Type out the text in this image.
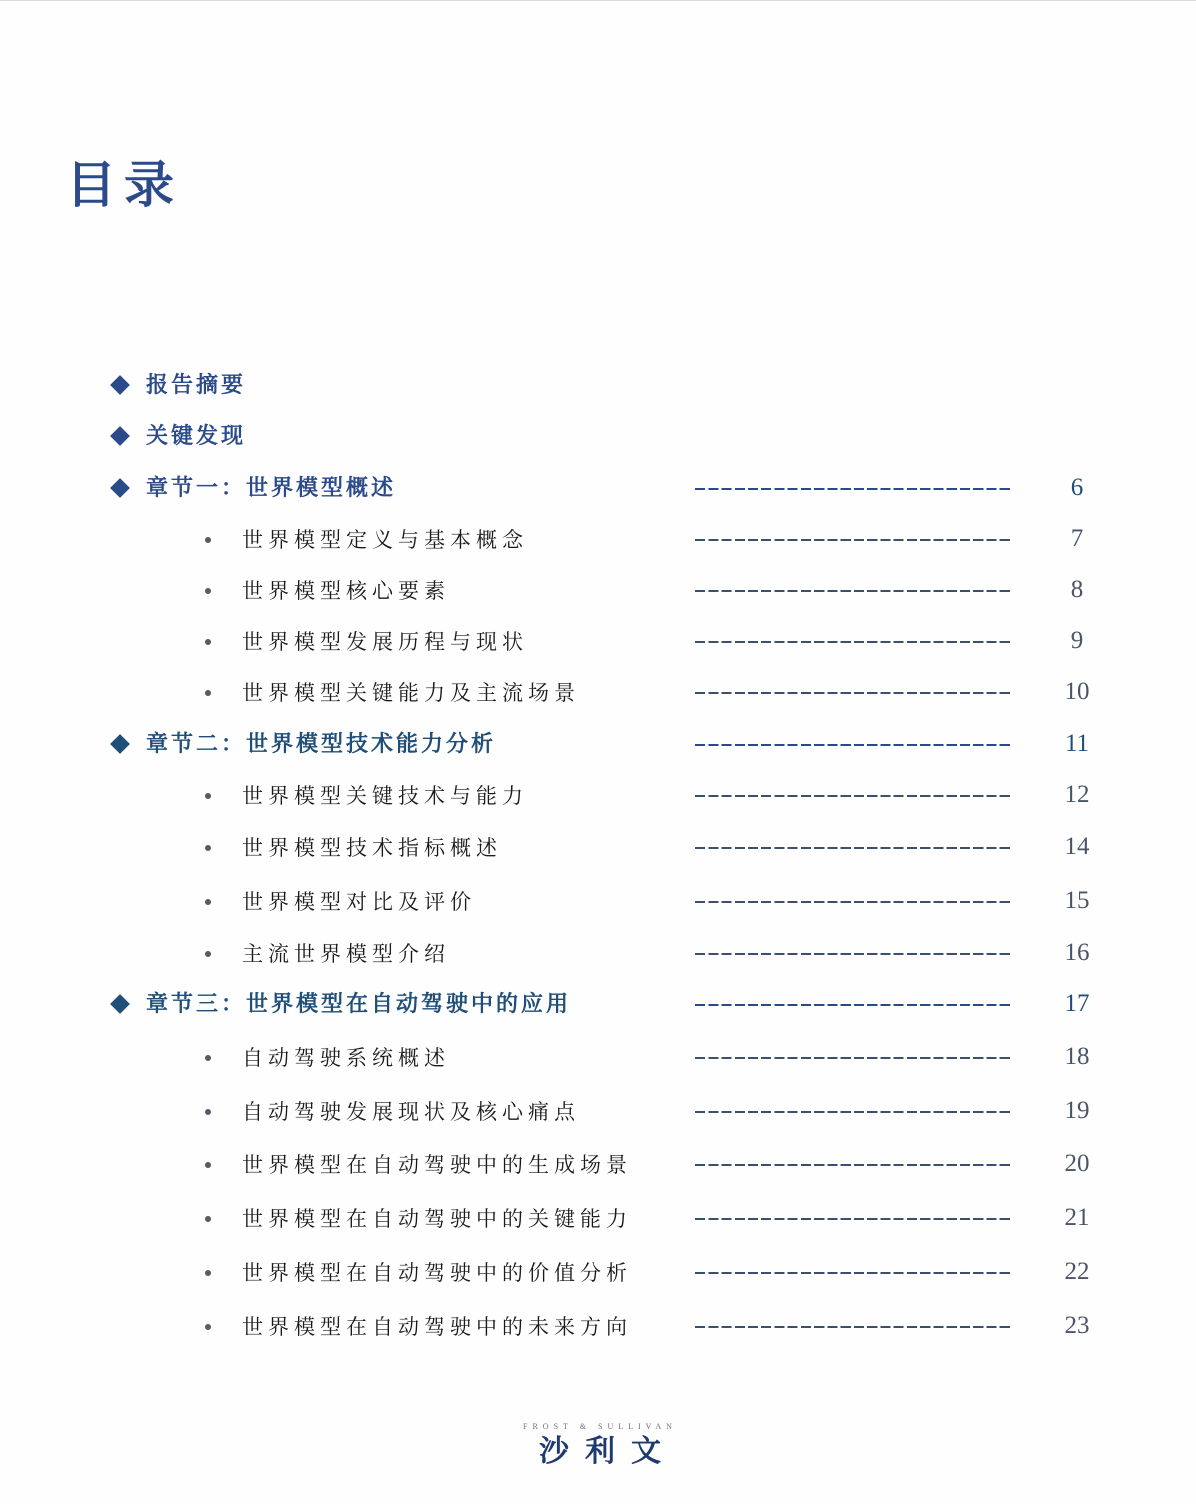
目录
报告摘要
关键发现
章节一：世界模型概述	6
世界模型定义与基本概念	7
世界模型核心要素	8
世界模型发展历程与现状	9
世界模型关键能力及主流场景	10
章节二：世界模型技术能力分析	11
世界模型关键技术与能力	12
世界模型技术指标概述	14
世界模型对比及评价	15
主流世界模型介绍	16
章节三：世界模型在自动驾驶中的应用	17
自动驾驶系统概述	18
自动驾驶发展现状及核心痛点	19
世界模型在自动驾驶中的生成场景	20
世界模型在自动驾驶中的关键能力	21
世界模型在自动驾驶中的价值分析	22
世界模型在自动驾驶中的未来方向	23
FROST & SULLIVAN
沙利文
